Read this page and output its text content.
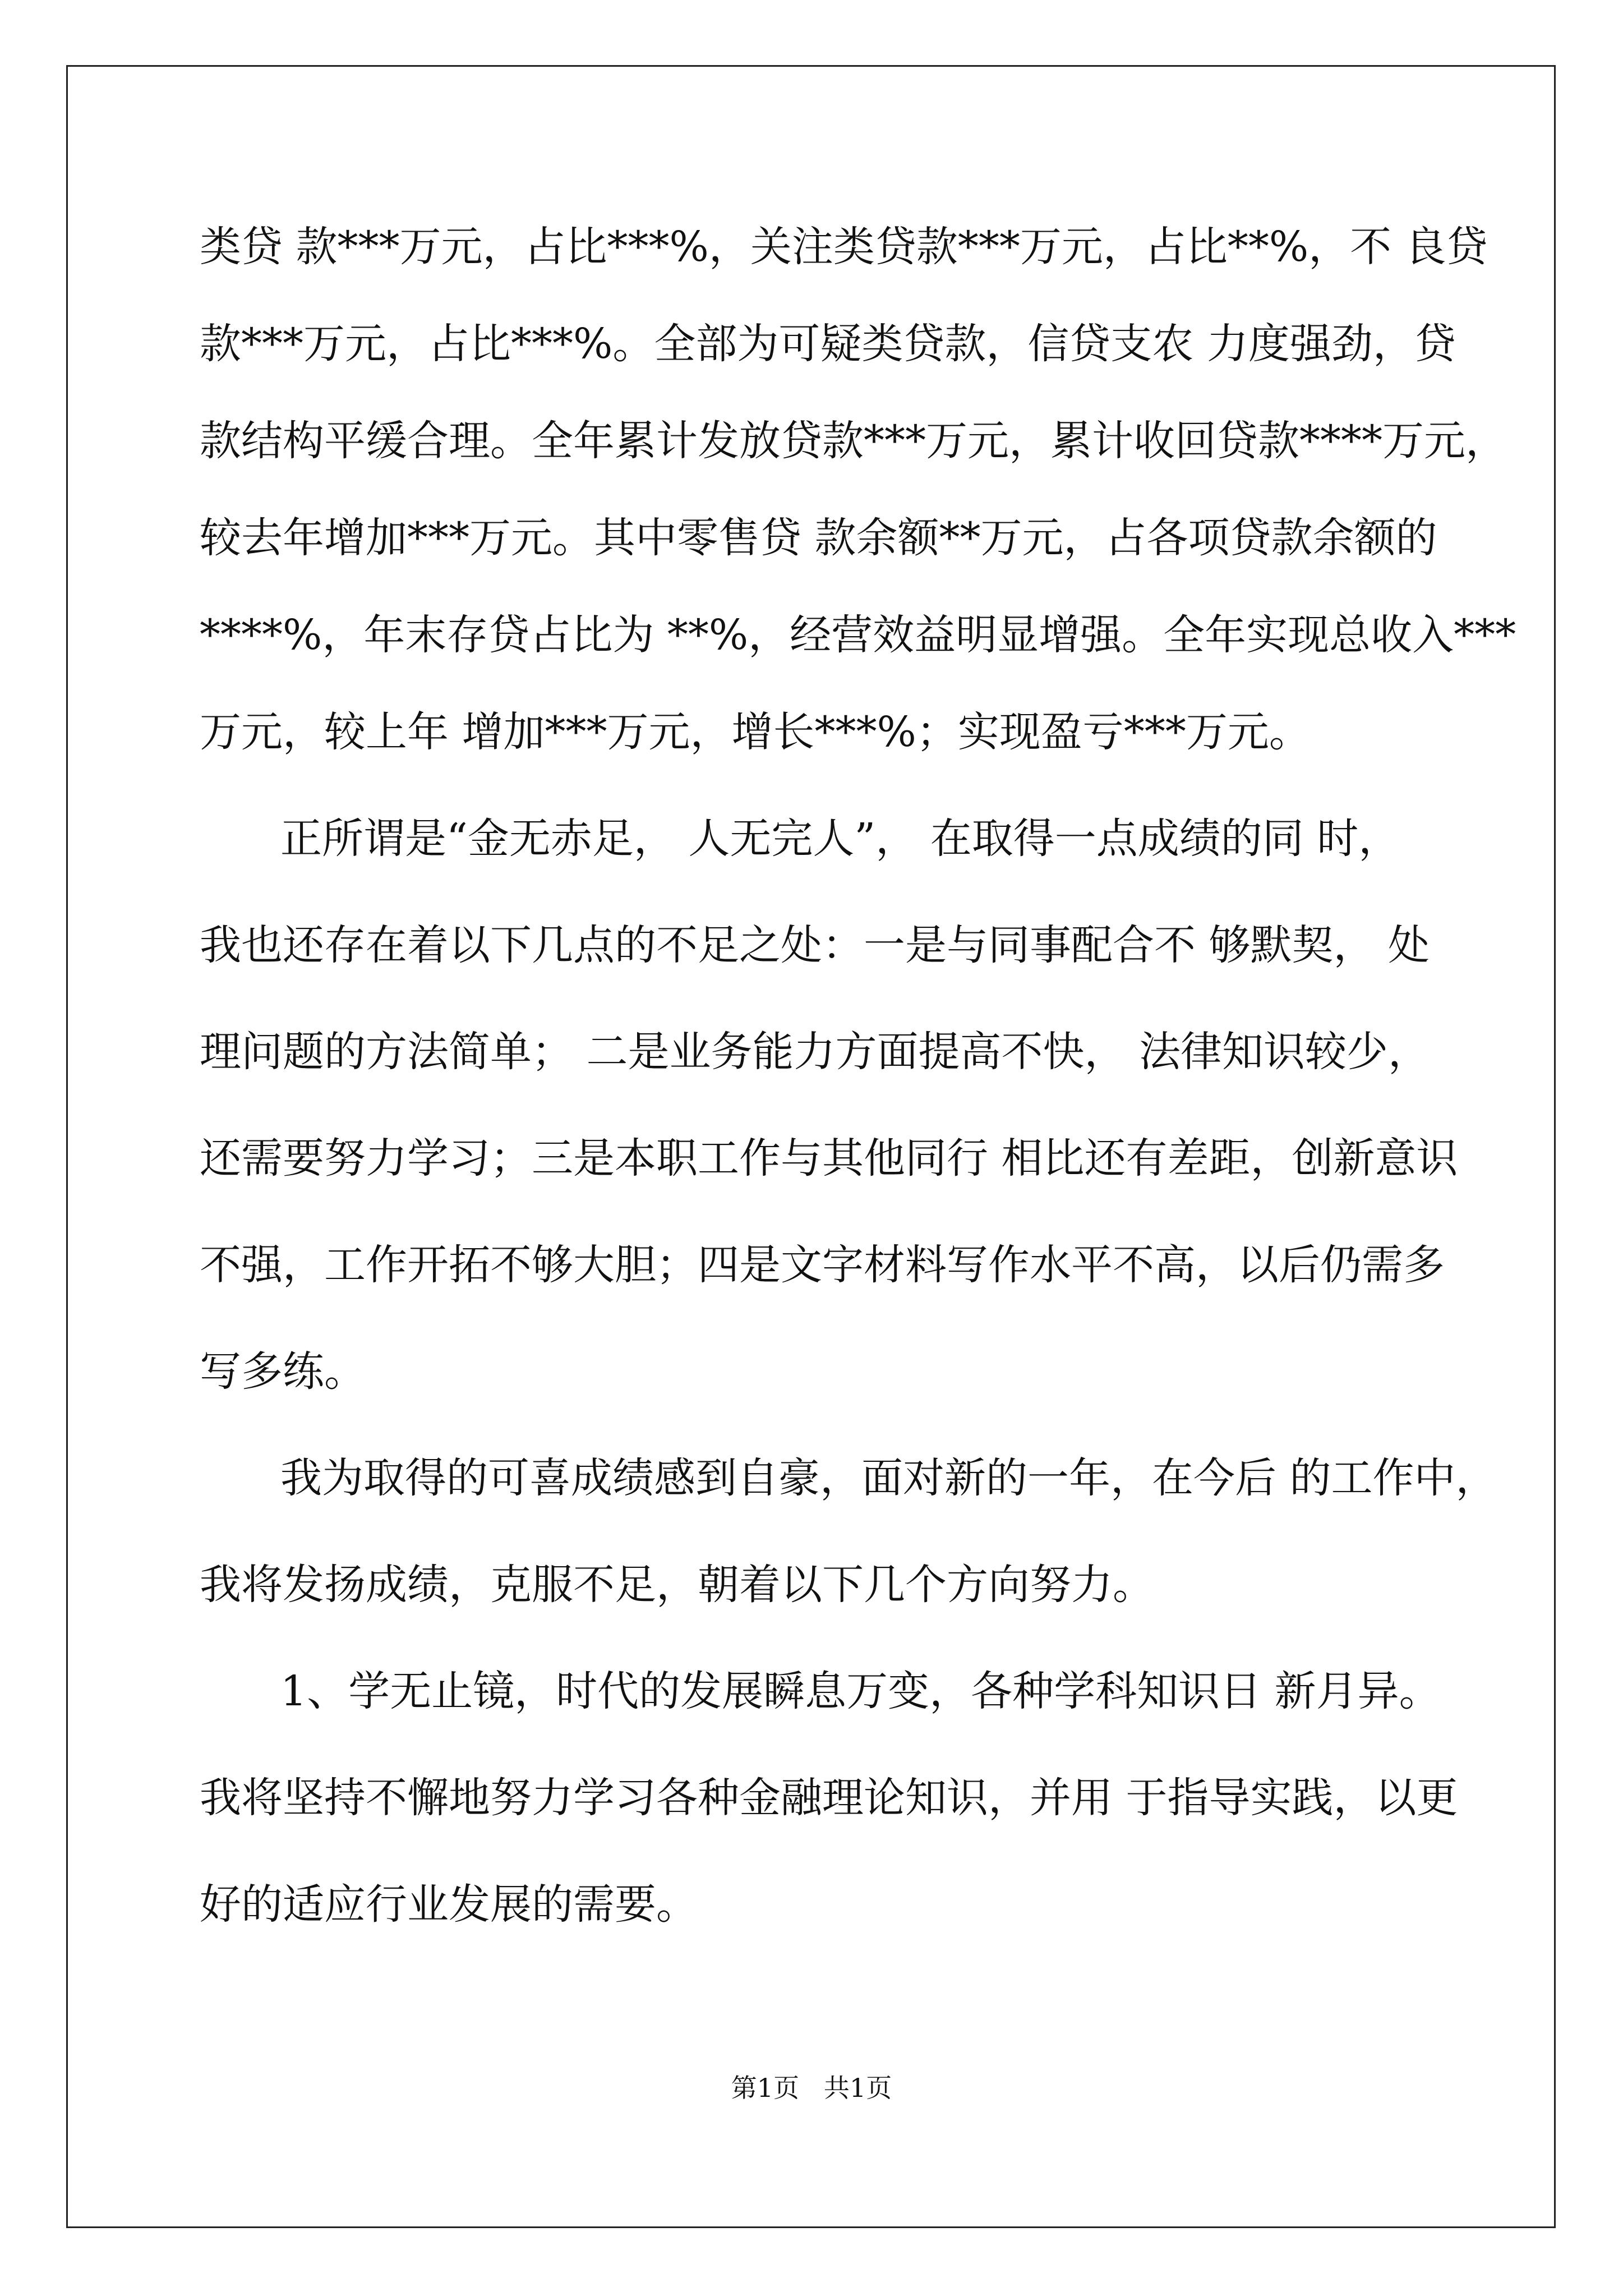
类贷 款***万元，占比***%，关注类贷款***万元，占比**%，不 良贷
款***万元，占比***%。全部为可疑类贷款，信贷支农 力度强劲，贷
款结构平缓合理。全年累计发放贷款***万元，累计收回贷款****万元，
较去年增加***万元。其中零售贷 款余额**万元，占各项贷款余额的
****%，年末存贷占比为 **%，经营效益明显增强。全年实现总收入***
万元，较上年 增加***万元，增长***%；实现盈亏***万元。
正所谓是“金无赤足， 人无完人”， 在取得一点成绩的同 时，
我也还存在着以下几点的不足之处：一是与同事配合不 够默契， 处
理问题的方法简单； 二是业务能力方面提高不快， 法律知识较少，
还需要努力学习；三是本职工作与其他同行 相比还有差距，创新意识
不强，工作开拓不够大胆；四是文字材料写作水平不高，以后仍需多
写多练。
我为取得的可喜成绩感到自豪，面对新的一年，在今后 的工作中，
我将发扬成绩，克服不足，朝着以下几个方向努力。
1、学无止镜，时代的发展瞬息万变，各种学科知识日 新月异。
我将坚持不懈地努力学习各种金融理论知识，并用 于指导实践，以更
好的适应行业发展的需要。
第1页   共1页
